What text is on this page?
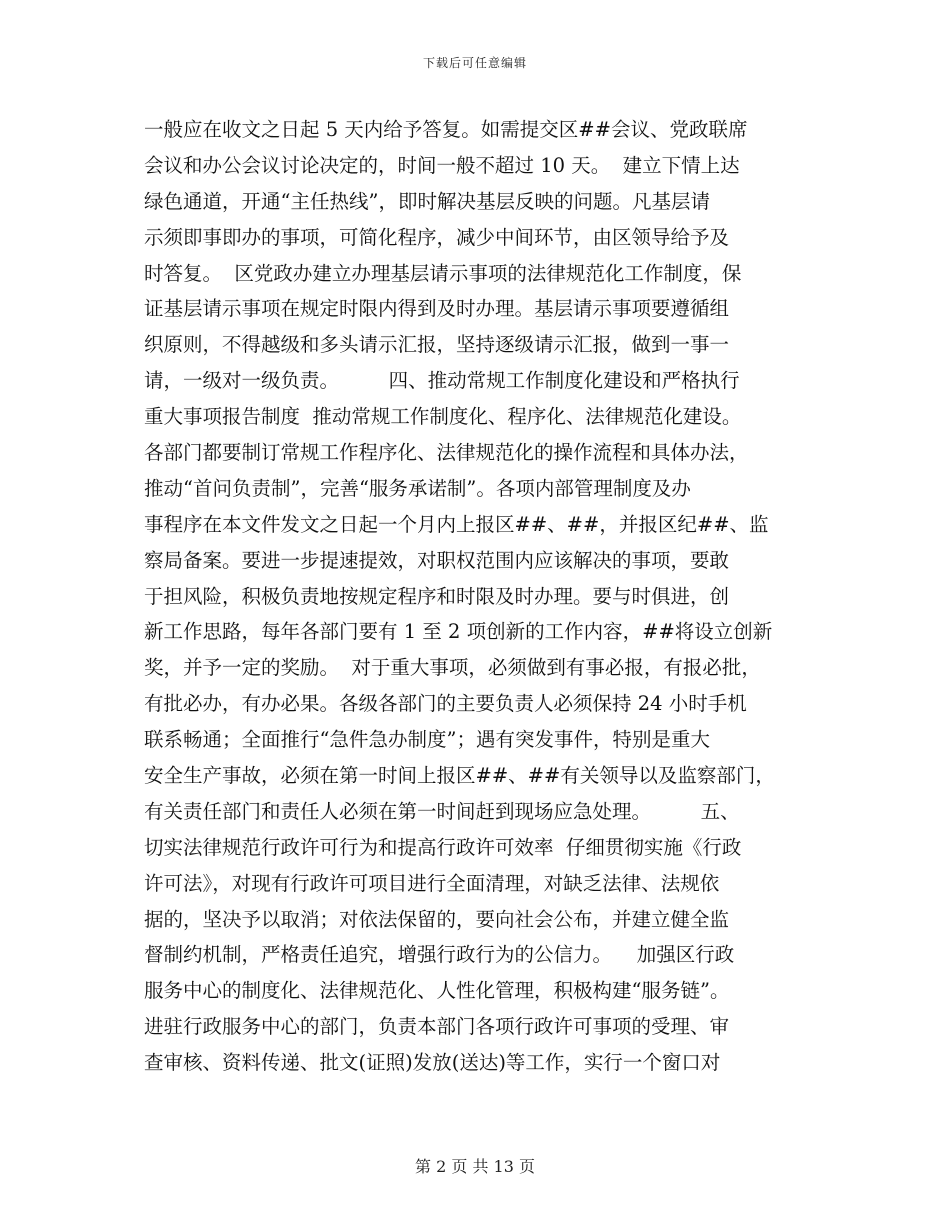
下载后可任意编辑
一般应在收文之日起 5 天内给予答复。如需提交区##会议、党政联席
会议和办公会议讨论决定的，时间一般不超过 10 天。  建立下情上达
绿色通道，开通“主任热线”，即时解决基层反映的问题。凡基层请
示须即事即办的事项，可简化程序，减少中间环节，由区领导给予及
时答复。  区党政办建立办理基层请示事项的法律规范化工作制度，保
证基层请示事项在规定时限内得到及时办理。基层请示事项要遵循组
织原则，不得越级和多头请示汇报，坚持逐级请示汇报，做到一事一
请，一级对一级负责。        四、推动常规工作制度化建设和严格执行
重大事项报告制度  推动常规工作制度化、程序化、法律规范化建设。
各部门都要制订常规工作程序化、法律规范化的操作流程和具体办法，
推动“首问负责制”，完善“服务承诺制”。各项内部管理制度及办
事程序在本文件发文之日起一个月内上报区##、##，并报区纪##、监
察局备案。要进一步提速提效，对职权范围内应该解决的事项，要敢
于担风险，积极负责地按规定程序和时限及时办理。要与时俱进，创
新工作思路，每年各部门要有 1 至 2 项创新的工作内容，##将设立创新
奖，并予一定的奖励。  对于重大事项，必须做到有事必报，有报必批，
有批必办，有办必果。各级各部门的主要负责人必须保持 24 小时手机
联系畅通；全面推行“急件急办制度”；遇有突发事件，特别是重大
安全生产事故，必须在第一时间上报区##、##有关领导以及监察部门，
有关责任部门和责任人必须在第一时间赶到现场应急处理。        五、
切实法律规范行政许可行为和提高行政许可效率  仔细贯彻实施《行政
许可法》，对现有行政许可项目进行全面清理，对缺乏法律、法规依
据的，坚决予以取消；对依法保留的，要向社会公布，并建立健全监
督制约机制，严格责任追究，增强行政行为的公信力。    加强区行政
服务中心的制度化、法律规范化、人性化管理，积极构建“服务链”。
进驻行政服务中心的部门，负责本部门各项行政许可事项的受理、审
查审核、资料传递、批文(证照)发放(送达)等工作，实行一个窗口对
第 2 页 共 13 页
